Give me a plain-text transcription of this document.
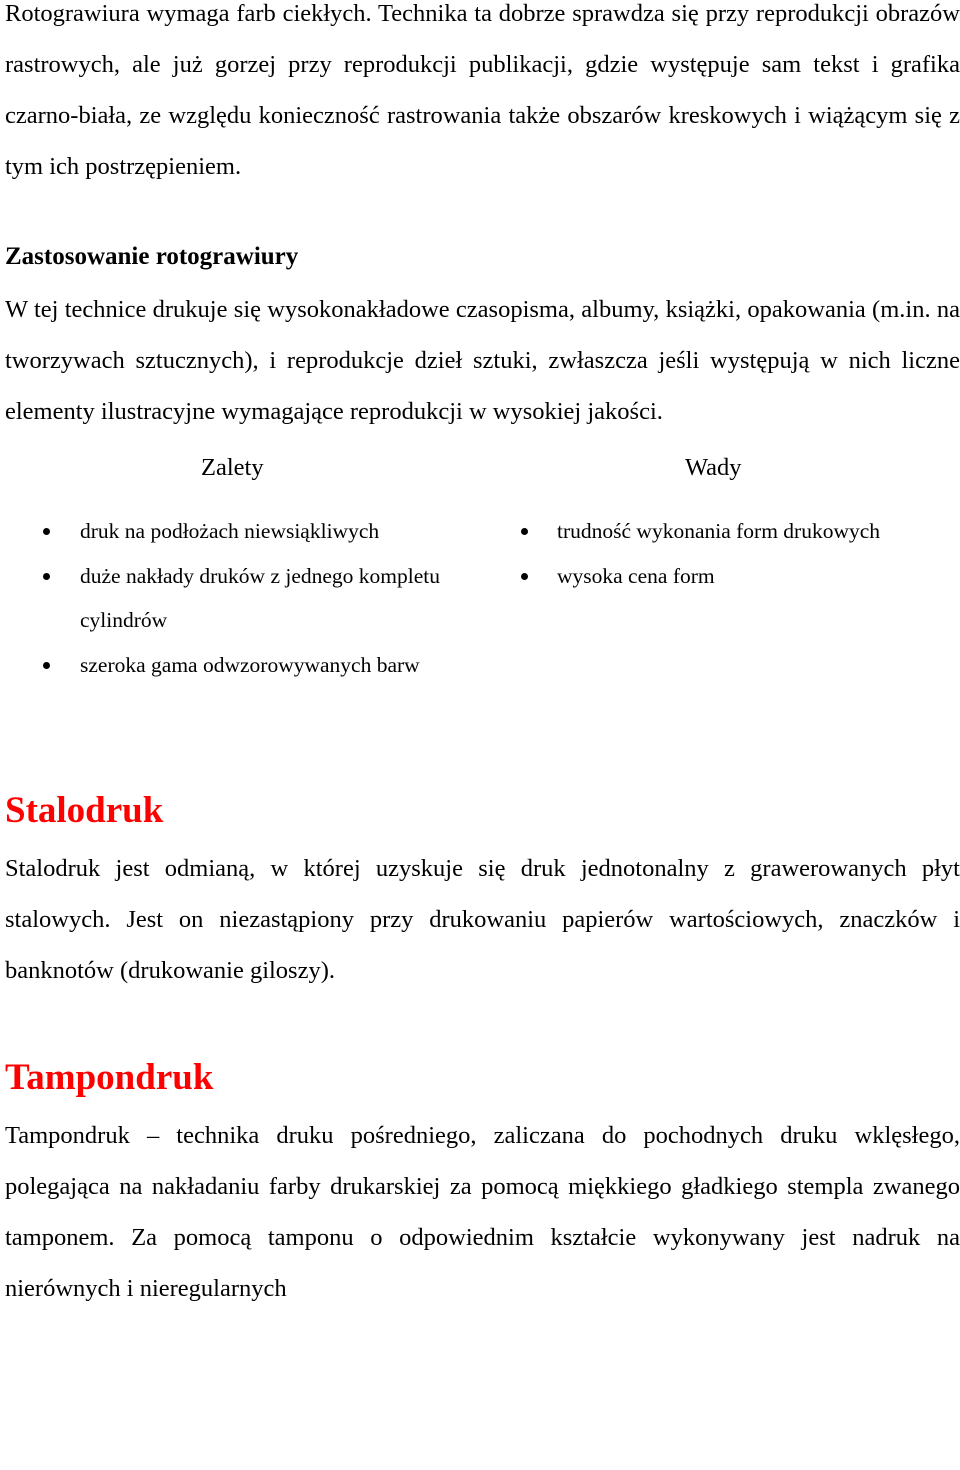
Rotograwiura wymaga farb ciekłych. Technika ta dobrze sprawdza się przy reprodukcji obrazów rastrowych, ale już gorzej przy reprodukcji publikacji, gdzie występuje sam tekst i grafika czarno-biała, ze względu konieczność rastrowania także obszarów kreskowych i wiążącym się z tym ich postrzępieniem.

Zastosowanie rotograwiury

W tej technice drukuje się wysokonakładowe czasopisma, albumy, książki, opakowania (m.in. na tworzywach sztucznych), i reprodukcje dzieł sztuki, zwłaszcza jeśli występują w nich liczne elementy ilustracyjne wymagające reprodukcji w wysokiej jakości.

Zalety
druk na podłożach niewsiąkliwych
duże nakłady druków z jednego kompletu cylindrów
szeroka gama odwzorowywanych barw
Wady
trudność wykonania form drukowych
wysoka cena form
Stalodruk

Stalodruk jest odmianą, w której uzyskuje się druk jednotonalny z grawerowanych płyt stalowych. Jest on niezastąpiony przy drukowaniu papierów wartościowych, znaczków i banknotów (drukowanie giloszy).

Tampondruk

Tampondruk – technika druku pośredniego, zaliczana do pochodnych druku wklęsłego, polegająca na nakładaniu farby drukarskiej za pomocą miękkiego gładkiego stempla zwanego tamponem. Za pomocą tamponu o odpowiednim kształcie wykonywany jest nadruk na nierównych i nieregularnych
